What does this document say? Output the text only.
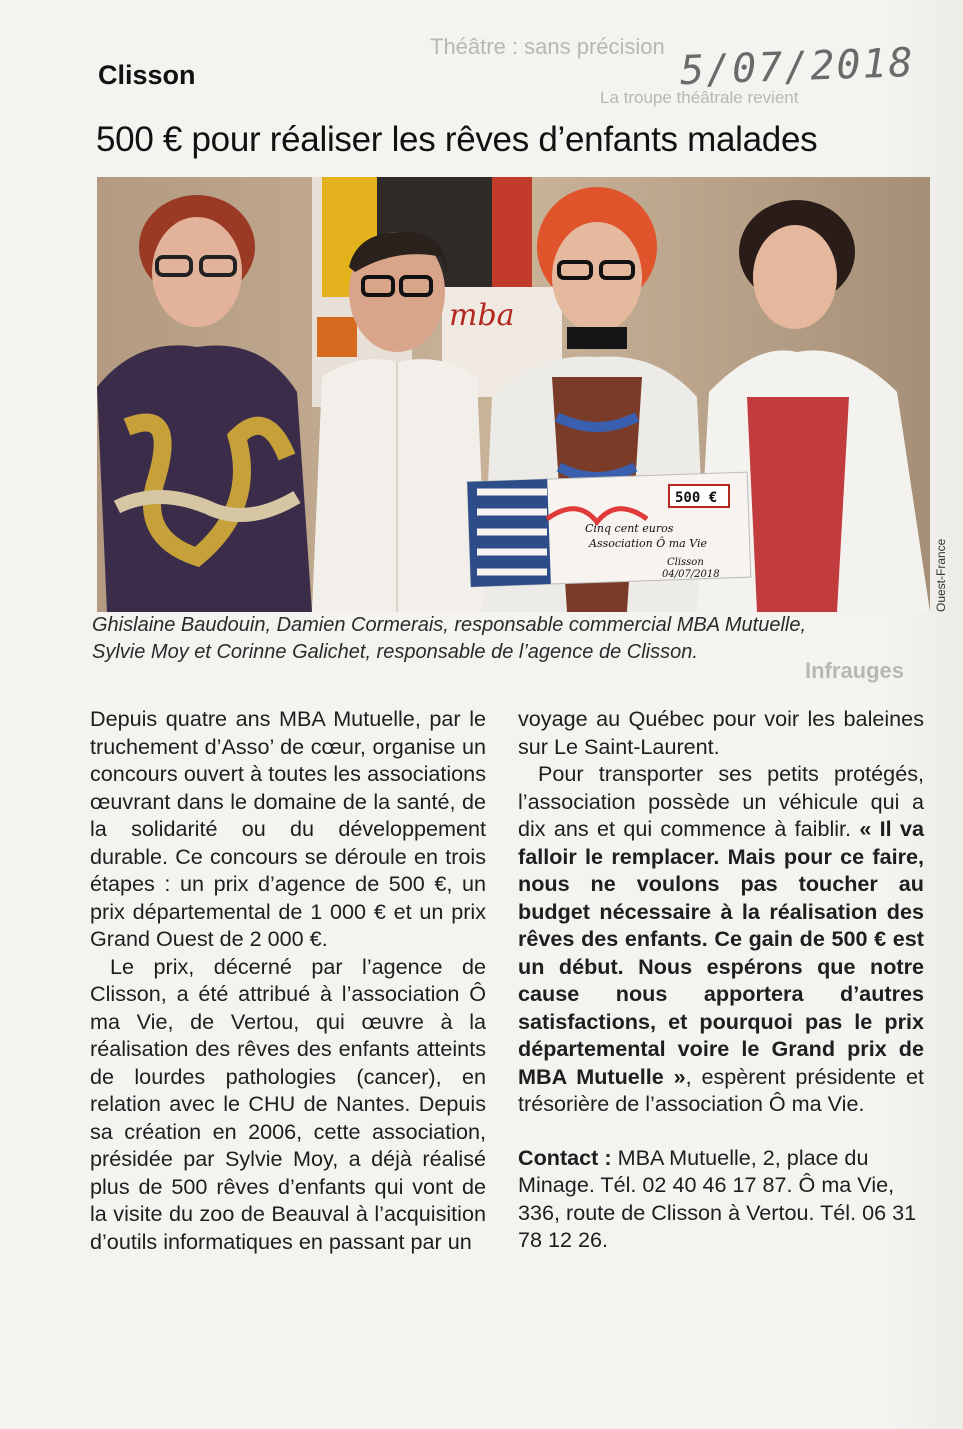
Théâtre : sans précision
La troupe théâtrale revient
Infrauges
5/07/2018
Clisson
500 € pour réaliser les rêves d’enfants malades
mba
500 €
Cinq cent euros
Association Ô ma Vie
Clisson
04/07/2018	Ouest-France

Ghislaine Baudouin, Damien Cormerais, responsable commercial MBA Mutuelle,

Sylvie Moy et Corinne Galichet, responsable de l’agence de Clisson.

Depuis quatre ans MBA Mutuelle, par le truchement d’Asso’ de cœur, organise un concours ouvert à toutes les associations œuvrant dans le domaine de la santé, de la solidarité ou du développement durable. Ce concours se déroule en trois étapes : un prix d’agence de 500 €, un prix départemental de 1 000 € et un prix Grand Ouest de 2 000 €.

Le prix, décerné par l’agence de Clisson, a été attribué à l’association Ô ma Vie, de Vertou, qui œuvre à la réalisation des rêves des enfants atteints de lourdes pathologies (cancer), en relation avec le CHU de Nantes. Depuis sa création en 2006, cette association, présidée par Sylvie Moy, a déjà réalisé plus de 500 rêves d’enfants qui vont de la visite du zoo de Beauval à l’acquisition d’outils informatiques en passant par un

voyage au Québec pour voir les baleines sur Le Saint-Laurent.

Pour transporter ses petits protégés, l’association possède un véhicule qui a dix ans et qui commence à faiblir. « Il va falloir le remplacer. Mais pour ce faire, nous ne voulons pas toucher au budget nécessaire à la réalisation des rêves des enfants. Ce gain de 500 € est un début. Nous espérons que notre cause nous apportera d’autres satisfactions, et pourquoi pas le prix départemental voire le Grand prix de MBA Mutuelle », espèrent présidente et trésorière de l’association Ô ma Vie.

Contact : MBA Mutuelle, 2, place du Minage. Tél. 02 40 46 17 87. Ô ma Vie, 336, route de Clisson à Vertou. Tél. 06 31 78 12 26.
